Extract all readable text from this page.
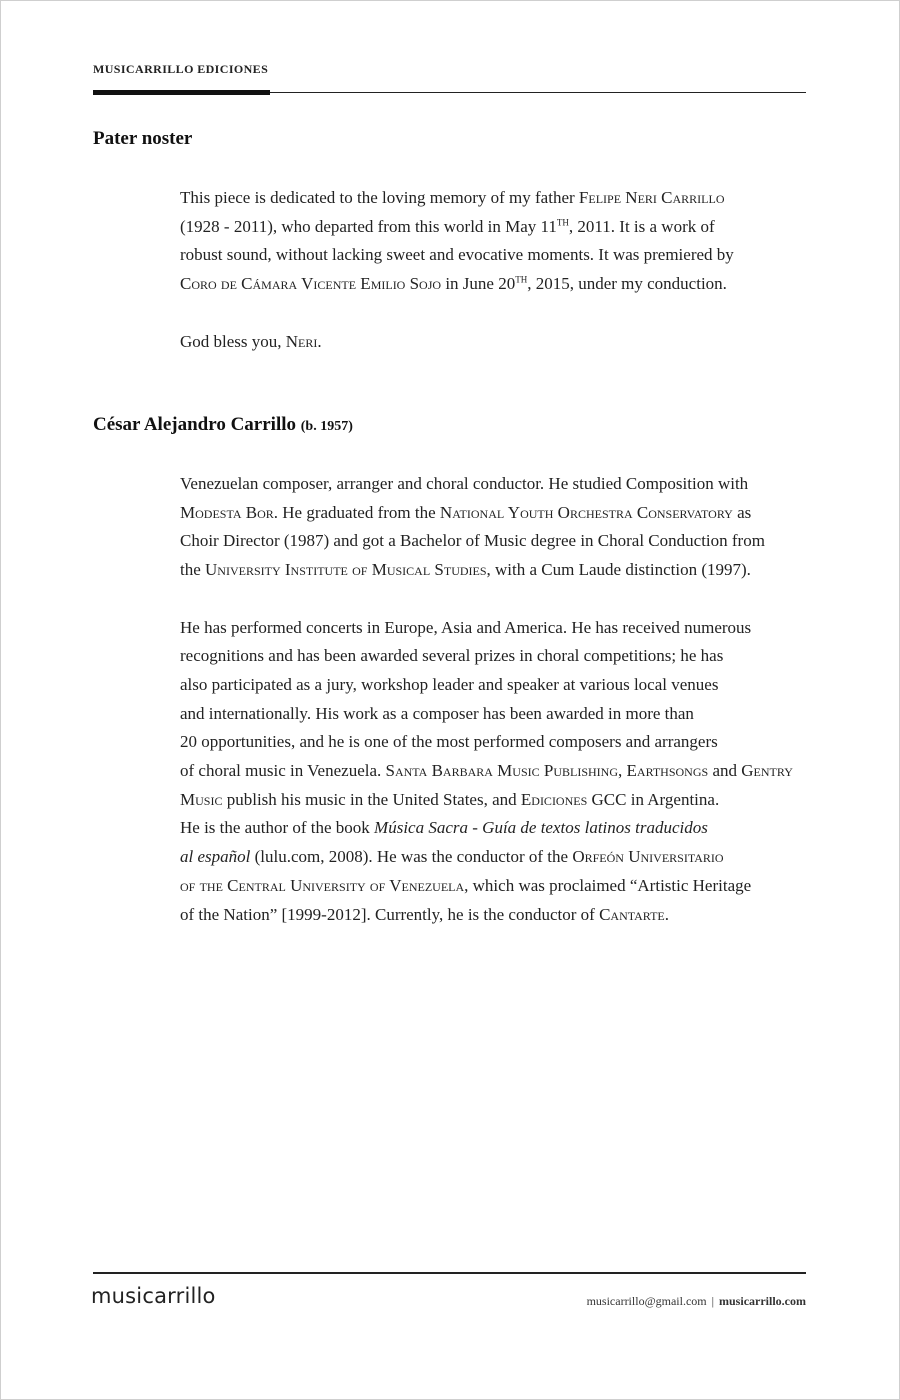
MUSICARRILLO EDICIONES
Pater noster

This piece is dedicated to the loving memory of my father Felipe Neri Carrillo
(1928 - 2011), who departed from this world in May 11TH, 2011. It is a work of
robust sound, without lacking sweet and evocative moments. It was premiered by
Coro de Cámara Vicente Emilio Sojo in June 20TH, 2015, under my conduction.

God bless you, Neri.

César Alejandro Carrillo (b. 1957)

Venezuelan composer, arranger and choral conductor. He studied Composition with
Modesta Bor. He graduated from the National Youth Orchestra Conservatory as
Choir Director (1987) and got a Bachelor of Music degree in Choral Conduction from
the University Institute of Musical Studies, with a Cum Laude distinction (1997).

He has performed concerts in Europe, Asia and America. He has received numerous
recognitions and has been awarded several prizes in choral competitions; he has
also participated as a jury, workshop leader and speaker at various local venues
and internationally. His work as a composer has been awarded in more than
20 opportunities, and he is one of the most performed composers and arrangers
of choral music in Venezuela. Santa Barbara Music Publishing, Earthsongs and Gentry
Music publish his music in the United States, and Ediciones GCC in Argentina.
He is the author of the book Música Sacra - Guía de textos latinos traducidos
al español (lulu.com, 2008). He was the conductor of the Orfeón Universitario
of the Central University of Venezuela, which was proclaimed “Artistic Heritage
of the Nation” [1999-2012]. Currently, he is the conductor of Cantarte.

musicarrillo	musicarrillo@gmail.com | musicarrillo.com
